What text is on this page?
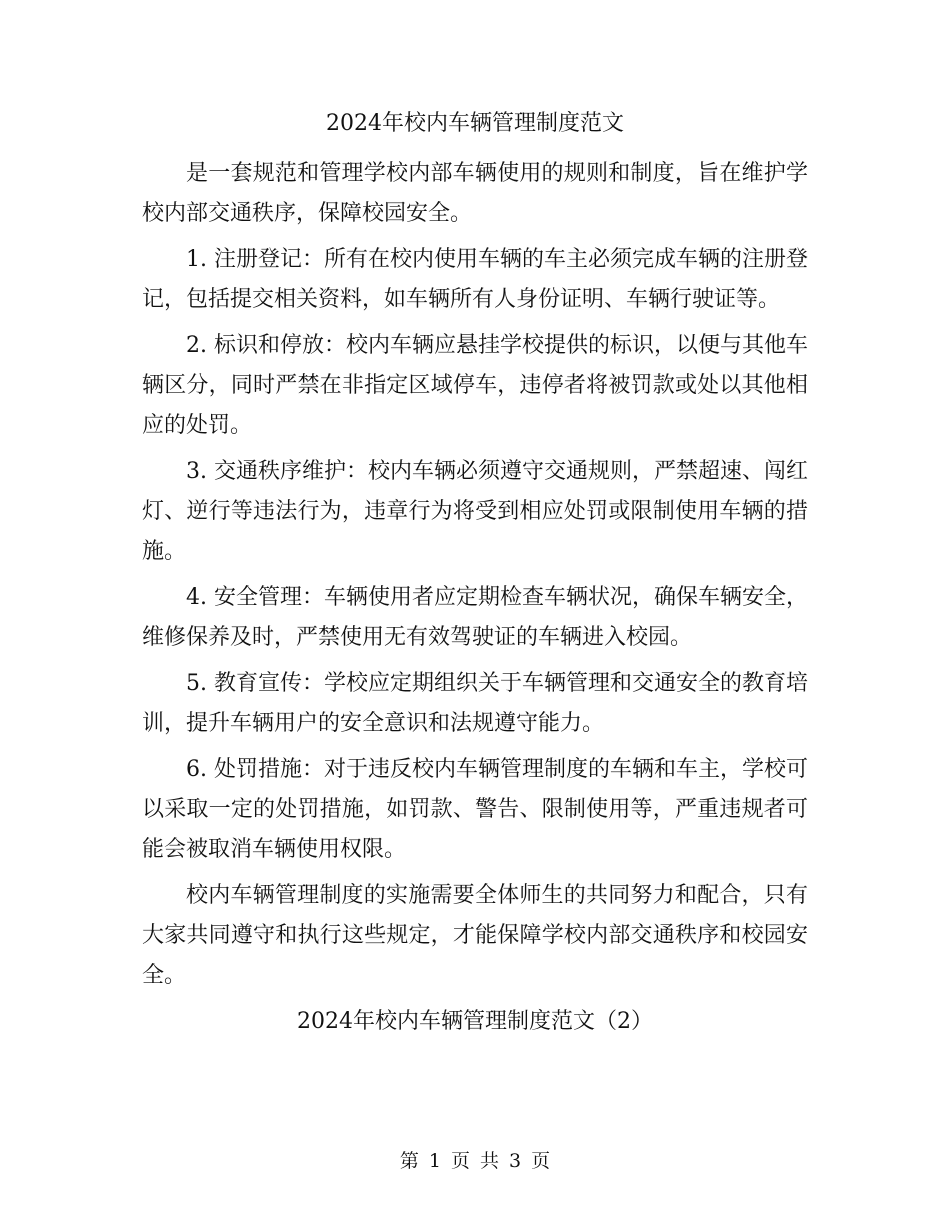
2024年校内车辆管理制度范文

是一套规范和管理学校内部车辆使用的规则和制度，旨在维护学校内部交通秩序，保障校园安全。

1. 注册登记：所有在校内使用车辆的车主必须完成车辆的注册登记，包括提交相关资料，如车辆所有人身份证明、车辆行驶证等。

2. 标识和停放：校内车辆应悬挂学校提供的标识，以便与其他车辆区分，同时严禁在非指定区域停车，违停者将被罚款或处以其他相应的处罚。

3. 交通秩序维护：校内车辆必须遵守交通规则，严禁超速、闯红灯、逆行等违法行为，违章行为将受到相应处罚或限制使用车辆的措施。

4. 安全管理：车辆使用者应定期检查车辆状况，确保车辆安全，维修保养及时，严禁使用无有效驾驶证的车辆进入校园。

5. 教育宣传：学校应定期组织关于车辆管理和交通安全的教育培训，提升车辆用户的安全意识和法规遵守能力。

6. 处罚措施：对于违反校内车辆管理制度的车辆和车主，学校可以采取一定的处罚措施，如罚款、警告、限制使用等，严重违规者可能会被取消车辆使用权限。

校内车辆管理制度的实施需要全体师生的共同努力和配合，只有大家共同遵守和执行这些规定，才能保障学校内部交通秩序和校园安全。

2024年校内车辆管理制度范文（2）
第 1 页 共 3 页
